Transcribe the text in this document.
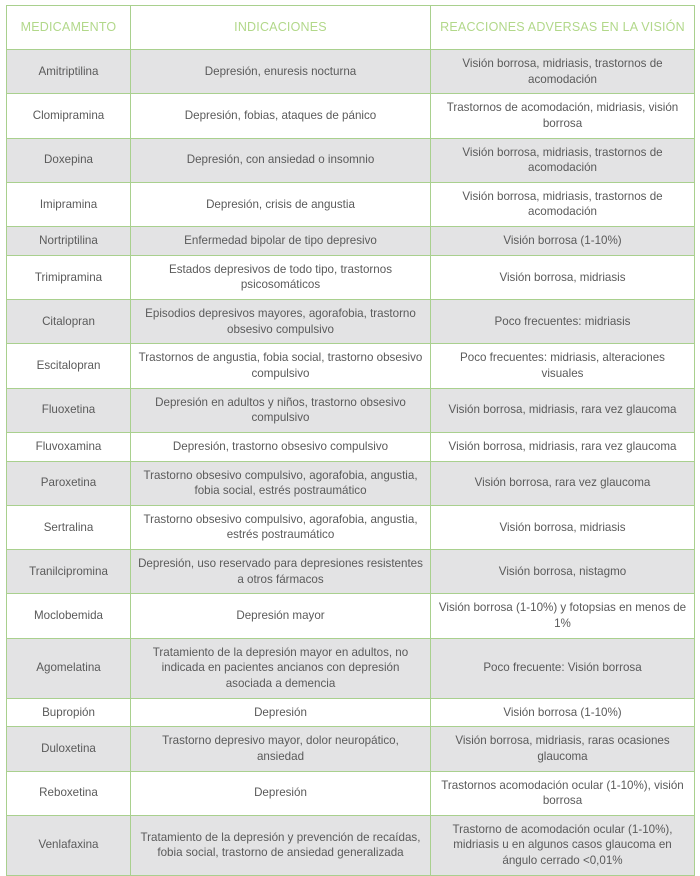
MEDICAMENTO	INDICACIONES	REACCIONES ADVERSAS EN LA VISIÓN
Amitriptilina	Depresión, enuresis nocturna	Visión borrosa, midriasis, trastornos de acomodación
Clomipramina	Depresión, fobias, ataques de pánico	Trastornos de acomodación, midriasis, visión borrosa
Doxepina	Depresión, con ansiedad o insomnio	Visión borrosa, midriasis, trastornos de acomodación
Imipramina	Depresión, crisis de angustia	Visión borrosa, midriasis, trastornos de acomodación
Nortriptilina	Enfermedad bipolar de tipo depresivo	Visión borrosa (1-10%)
Trimipramina	Estados depresivos de todo tipo, trastornos psicosomáticos	Visión borrosa, midriasis
Citalopran	Episodios depresivos mayores, agorafobia, trastorno obsesivo compulsivo	Poco frecuentes: midriasis
Escitalopran	Trastornos de angustia, fobia social, trastorno obsesivo compulsivo	Poco frecuentes: midriasis, alteraciones visuales
Fluoxetina	Depresión en adultos y niños, trastorno obsesivo compulsivo	Visión borrosa, midriasis, rara vez glaucoma
Fluvoxamina	Depresión, trastorno obsesivo compulsivo	Visión borrosa, midriasis, rara vez glaucoma
Paroxetina	Trastorno obsesivo compulsivo, agorafobia, angustia, fobia social, estrés postraumático	Visión borrosa, rara vez glaucoma
Sertralina	Trastorno obsesivo compulsivo, agorafobia, angustia, estrés postraumático	Visión borrosa, midriasis
Tranilcipromina	Depresión, uso reservado para depresiones resistentes a otros fármacos	Visión borrosa, nistagmo
Moclobemida	Depresión mayor	Visión borrosa (1-10%) y fotopsias en menos de 1%
Agomelatina	Tratamiento de la depresión mayor en adultos, no indicada en pacientes ancianos con depresión asociada a demencia	Poco frecuente: Visión borrosa
Bupropión	Depresión	Visión borrosa (1-10%)
Duloxetina	Trastorno depresivo mayor, dolor neuropático, ansiedad	Visión borrosa, midriasis, raras ocasiones glaucoma
Reboxetina	Depresión	Trastornos acomodación ocular (1-10%), visión borrosa
Venlafaxina	Tratamiento de la depresión y prevención de recaídas, fobia social, trastorno de ansiedad generalizada	Trastorno de acomodación ocular (1-10%), midriasis u en algunos casos glaucoma en ángulo cerrado <0,01%
